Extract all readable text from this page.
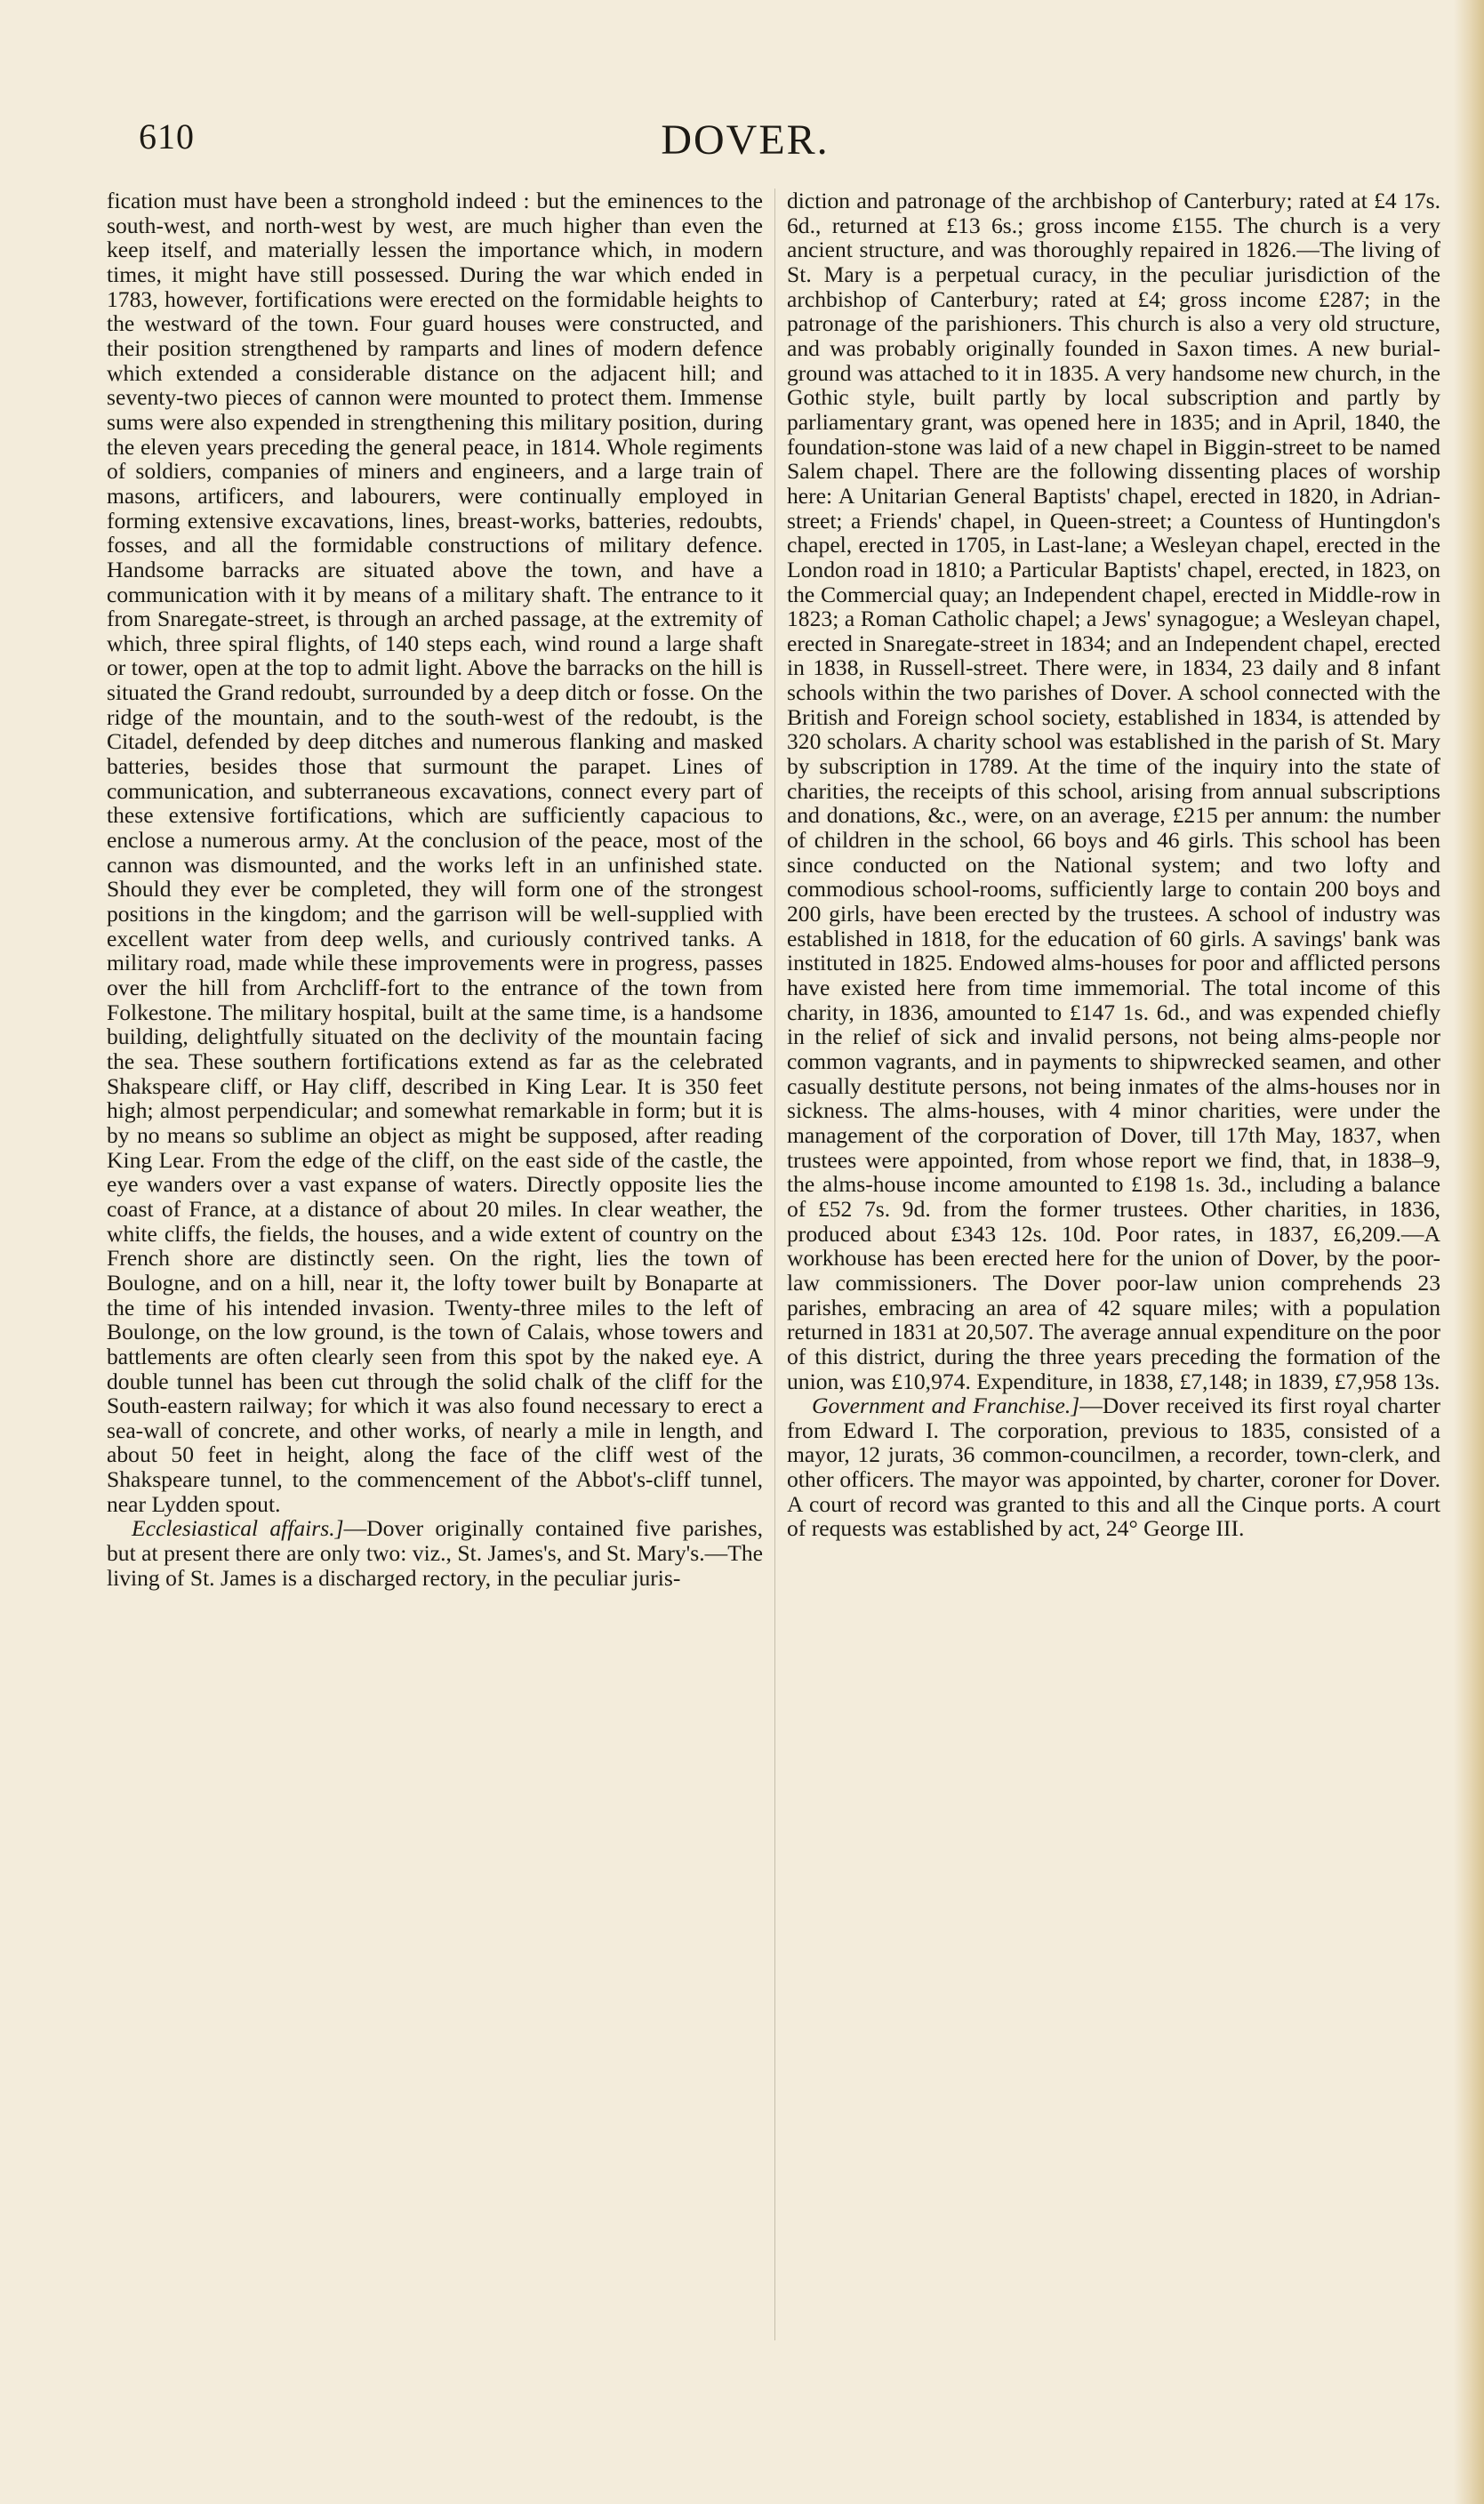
610	DOVER.

fication must have been a stronghold indeed : but the eminences to the south-west, and north-west by west, are much higher than even the keep itself, and materially lessen the importance which, in modern times, it might have still possessed. During the war which ended in 1783, however, fortifications were erected on the formidable heights to the westward of the town. Four guard houses were constructed, and their position strengthened by ramparts and lines of modern defence which extended a considerable distance on the adjacent hill; and seventy-two pieces of cannon were mounted to protect them. Immense sums were also expended in strengthening this military position, during the eleven years preceding the general peace, in 1814. Whole regiments of soldiers, companies of miners and engineers, and a large train of masons, artificers, and labourers, were continually employed in forming extensive excavations, lines, breast-works, batteries, redoubts, fosses, and all the formidable constructions of military defence. Handsome barracks are situated above the town, and have a communication with it by means of a military shaft. The entrance to it from Snaregate-street, is through an arched passage, at the extremity of which, three spiral flights, of 140 steps each, wind round a large shaft or tower, open at the top to admit light. Above the barracks on the hill is situated the Grand redoubt, surrounded by a deep ditch or fosse. On the ridge of the mountain, and to the south-west of the redoubt, is the Citadel, defended by deep ditches and numerous flanking and masked batteries, besides those that surmount the parapet. Lines of communication, and subterraneous excavations, connect every part of these extensive fortifications, which are sufficiently capacious to enclose a numerous army. At the conclusion of the peace, most of the cannon was dismounted, and the works left in an unfinished state. Should they ever be completed, they will form one of the strongest positions in the kingdom; and the garrison will be well-supplied with excellent water from deep wells, and curiously contrived tanks. A military road, made while these improvements were in progress, passes over the hill from Archcliff-fort to the entrance of the town from Folkestone. The military hospital, built at the same time, is a handsome building, delightfully situated on the declivity of the mountain facing the sea. These southern fortifications extend as far as the celebrated Shakspeare cliff, or Hay cliff, described in King Lear. It is 350 feet high; almost perpendicular; and somewhat remarkable in form; but it is by no means so sublime an object as might be supposed, after reading King Lear. From the edge of the cliff, on the east side of the castle, the eye wanders over a vast expanse of waters. Directly opposite lies the coast of France, at a distance of about 20 miles. In clear weather, the white cliffs, the fields, the houses, and a wide extent of country on the French shore are distinctly seen. On the right, lies the town of Boulogne, and on a hill, near it, the lofty tower built by Bonaparte at the time of his intended invasion. Twenty-three miles to the left of Boulonge, on the low ground, is the town of Calais, whose towers and battlements are often clearly seen from this spot by the naked eye. A double tunnel has been cut through the solid chalk of the cliff for the South-eastern railway; for which it was also found necessary to erect a sea-wall of concrete, and other works, of nearly a mile in length, and about 50 feet in height, along the face of the cliff west of the Shakspeare tunnel, to the commencement of the Abbot's-cliff tunnel, near Lydden spout.

Ecclesiastical affairs.]—Dover originally contained five parishes, but at present there are only two: viz., St. James's, and St. Mary's.—The living of St. James is a discharged rectory, in the peculiar juris-

diction and patronage of the archbishop of Canterbury; rated at £4 17s. 6d., returned at £13 6s.; gross income £155. The church is a very ancient structure, and was thoroughly repaired in 1826.—The living of St. Mary is a perpetual curacy, in the peculiar jurisdiction of the archbishop of Canterbury; rated at £4; gross income £287; in the patronage of the parishioners. This church is also a very old structure, and was probably originally founded in Saxon times. A new burial-ground was attached to it in 1835. A very handsome new church, in the Gothic style, built partly by local subscription and partly by parliamentary grant, was opened here in 1835; and in April, 1840, the foundation-stone was laid of a new chapel in Biggin-street to be named Salem chapel. There are the following dissenting places of worship here: A Unitarian General Baptists' chapel, erected in 1820, in Adrian-street; a Friends' chapel, in Queen-street; a Countess of Huntingdon's chapel, erected in 1705, in Last-lane; a Wesleyan chapel, erected in the London road in 1810; a Particular Baptists' chapel, erected, in 1823, on the Commercial quay; an Independent chapel, erected in Middle-row in 1823; a Roman Catholic chapel; a Jews' synagogue; a Wesleyan chapel, erected in Snaregate-street in 1834; and an Independent chapel, erected in 1838, in Russell-street. There were, in 1834, 23 daily and 8 infant schools within the two parishes of Dover. A school connected with the British and Foreign school society, established in 1834, is attended by 320 scholars. A charity school was established in the parish of St. Mary by subscription in 1789. At the time of the inquiry into the state of charities, the receipts of this school, arising from annual subscriptions and donations, &c., were, on an average, £215 per annum: the number of children in the school, 66 boys and 46 girls. This school has been since conducted on the National system; and two lofty and commodious school-rooms, sufficiently large to contain 200 boys and 200 girls, have been erected by the trustees. A school of industry was established in 1818, for the education of 60 girls. A savings' bank was instituted in 1825. Endowed alms-houses for poor and afflicted persons have existed here from time immemorial. The total income of this charity, in 1836, amounted to £147 1s. 6d., and was expended chiefly in the relief of sick and invalid persons, not being alms-people nor common vagrants, and in payments to shipwrecked seamen, and other casually destitute persons, not being inmates of the alms-houses nor in sickness. The alms-houses, with 4 minor charities, were under the management of the corporation of Dover, till 17th May, 1837, when trustees were appointed, from whose report we find, that, in 1838–9, the alms-house income amounted to £198 1s. 3d., including a balance of £52 7s. 9d. from the former trustees. Other charities, in 1836, produced about £343 12s. 10d. Poor rates, in 1837, £6,209.—A workhouse has been erected here for the union of Dover, by the poor-law commissioners. The Dover poor-law union comprehends 23 parishes, embracing an area of 42 square miles; with a population returned in 1831 at 20,507. The average annual expenditure on the poor of this district, during the three years preceding the formation of the union, was £10,974. Expenditure, in 1838, £7,148; in 1839, £7,958 13s.

Government and Franchise.]—Dover received its first royal charter from Edward I. The corporation, previous to 1835, consisted of a mayor, 12 jurats, 36 common-councilmen, a recorder, town-clerk, and other officers. The mayor was appointed, by charter, coroner for Dover. A court of record was granted to this and all the Cinque ports. A court of requests was established by act, 24° George III.
